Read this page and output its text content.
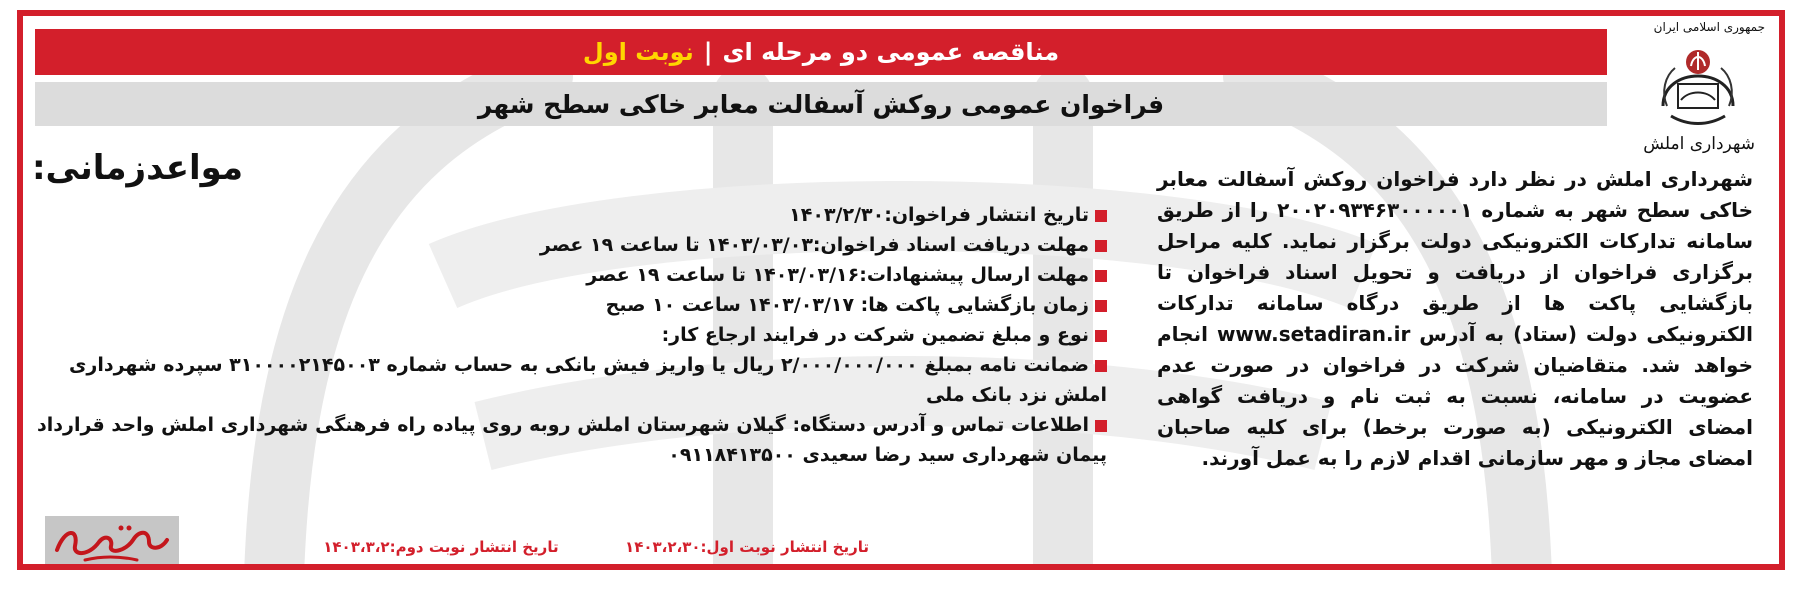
مناقصه عمومی دو مرحله ای
|
نوبت اول
فراخوان عمومی روکش آسفالت معابر خاکی سطح شهر
جمهوری اسلامی ایران
شهرداری املش
مواعدزمانی:	شهرداری املش در نظر دارد فراخوان روکش آسفالت معابر خاکی سطح شهر به شماره ۲۰۰۲۰۹۳۴۶۳۰۰۰۰۰۱ را از طریق سامانه تدارکات الکترونیکی دولت برگزار نماید. کلیه مراحل برگزاری فراخوان از دریافت و تحویل اسناد فراخوان تا بازگشایی پاکت ها از طریق درگاه سامانه تدارکات الکترونیکی دولت (ستاد) به آدرس www.setadiran.ir انجام خواهد شد. متقاضیان شرکت در فراخوان در صورت عدم عضویت در سامانه، نسبت به ثبت نام و دریافت گواهی امضای الکترونیکی (به صورت برخط) برای کلیه صاحبان امضای مجاز و مهر سازمانی اقدام لازم را به عمل آورند.
تاریخ انتشار فراخوان:۱۴۰۳/۲/۳۰
مهلت دریافت اسناد فراخوان:۱۴۰۳/۰۳/۰۳ تا ساعت ۱۹ عصر
مهلت ارسال پیشنهادات:۱۴۰۳/۰۳/۱۶ تا ساعت ۱۹ عصر
زمان بازگشایی پاکت ها: ۱۴۰۳/۰۳/۱۷ ساعت ۱۰ صبح
نوع و مبلغ تضمین شرکت در فرایند ارجاع کار:
ضمانت نامه بمبلغ ۲/۰۰۰/۰۰۰/۰۰۰ ریال یا واریز فیش بانکی به حساب شماره ۳۱۰۰۰۰۲۱۴۵۰۰۳ سپرده شهرداری املش نزد بانک ملی
اطلاعات تماس و آدرس دستگاه: گیلان شهرستان املش روبه روی پیاده راه فرهنگی شهرداری املش واحد قرارداد پیمان شهرداری سید رضا سعیدی ۰۹۱۱۸۴۱۳۵۰۰
تاریخ انتشار نوبت اول:۱۴۰۳،۲،۳۰  تاریخ انتشار نوبت دوم:۱۴۰۳،۳،۲
